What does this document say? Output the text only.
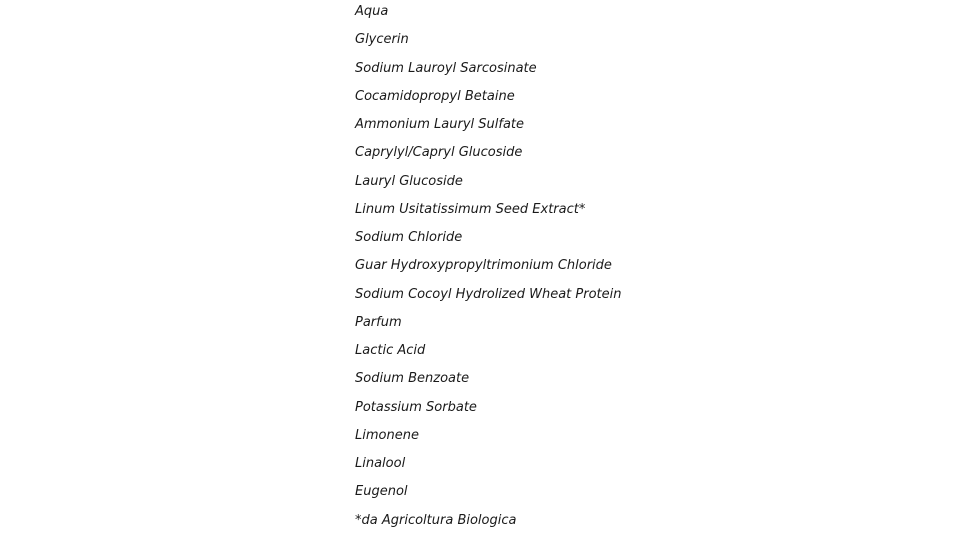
Aqua
Glycerin
Sodium Lauroyl Sarcosinate
Cocamidopropyl Betaine
Ammonium Lauryl Sulfate
Caprylyl/Capryl Glucoside
Lauryl Glucoside
Linum Usitatissimum Seed Extract*
Sodium Chloride
Guar Hydroxypropyltrimonium Chloride
Sodium Cocoyl Hydrolized Wheat Protein
Parfum
Lactic Acid
Sodium Benzoate
Potassium Sorbate
Limonene
Linalool
Eugenol
*da Agricoltura Biologica
